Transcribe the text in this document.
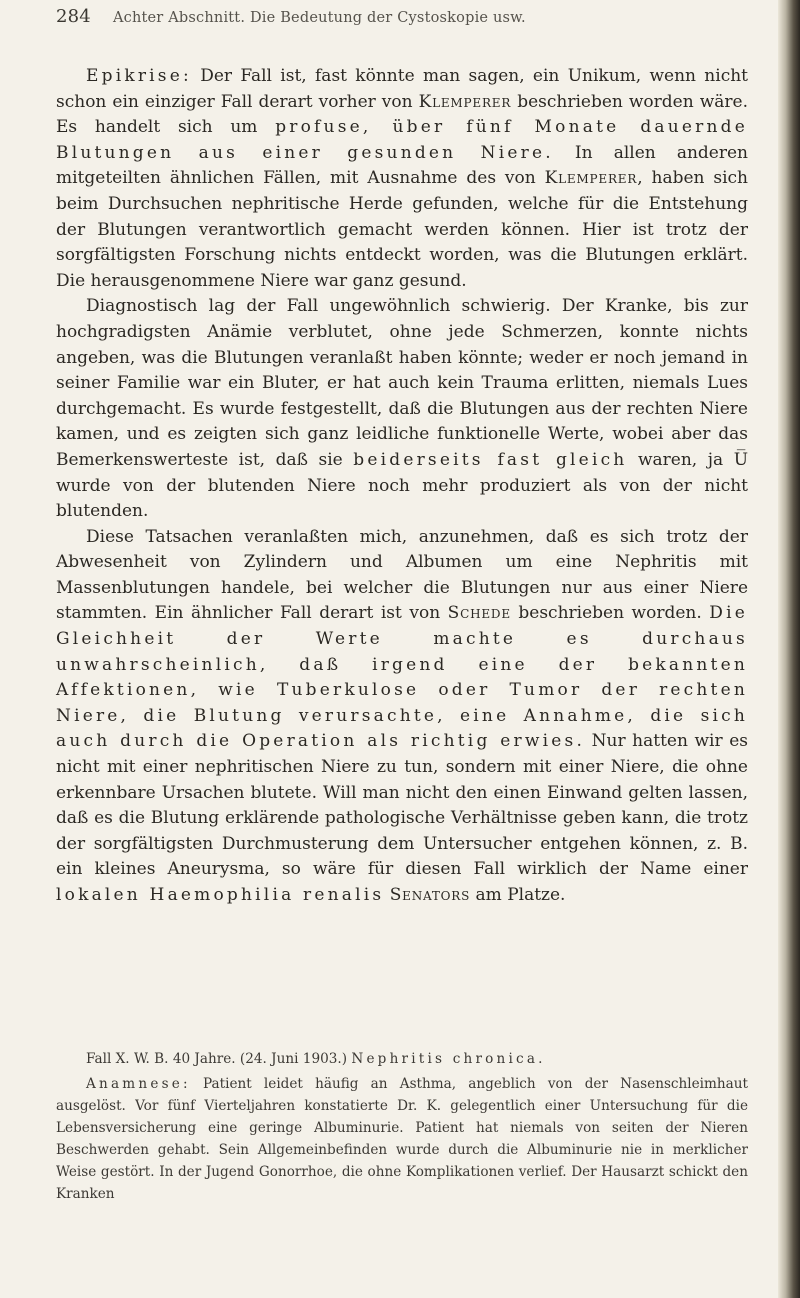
284 Achter Abschnitt. Die Bedeutung der Cystoskopie usw.

Epikrise: Der Fall ist, fast könnte man sagen, ein Unikum, wenn nicht schon ein einziger Fall derart vorher von Klemperer beschrieben worden wäre. Es handelt sich um profuse, über fünf Monate dauernde Blutungen aus einer gesunden Niere. In allen anderen mitgeteilten ähnlichen Fällen, mit Ausnahme des von Klemperer, haben sich beim Durchsuchen nephritische Herde gefunden, welche für die Entstehung der Blutungen verantwortlich gemacht werden können. Hier ist trotz der sorgfältigsten Forschung nichts entdeckt worden, was die Blutungen erklärt. Die herausgenommene Niere war ganz gesund.

Diagnostisch lag der Fall ungewöhnlich schwierig. Der Kranke, bis zur hochgradigsten Anämie verblutet, ohne jede Schmerzen, konnte nichts angeben, was die Blutungen veranlaßt haben könnte; weder er noch jemand in seiner Familie war ein Bluter, er hat auch kein Trauma erlitten, niemals Lues durchgemacht. Es wurde festgestellt, daß die Blutungen aus der rechten Niere kamen, und es zeigten sich ganz leidliche funktionelle Werte, wobei aber das Bemerkenswerteste ist, daß sie beiderseits fast gleich waren, ja U̅ wurde von der blutenden Niere noch mehr produziert als von der nicht blutenden.

Diese Tatsachen veranlaßten mich, anzunehmen, daß es sich trotz der Abwesenheit von Zylindern und Albumen um eine Nephritis mit Massenblutungen handele, bei welcher die Blutungen nur aus einer Niere stammten. Ein ähnlicher Fall derart ist von Schede beschrieben worden. Die Gleichheit der Werte machte es durchaus unwahrscheinlich, daß irgend eine der bekannten Affektionen, wie Tuberkulose oder Tumor der rechten Niere, die Blutung verursachte, eine Annahme, die sich auch durch die Operation als richtig erwies. Nur hatten wir es nicht mit einer nephritischen Niere zu tun, sondern mit einer Niere, die ohne erkennbare Ursachen blutete. Will man nicht den einen Einwand gelten lassen, daß es die Blutung erklärende pathologische Verhältnisse geben kann, die trotz der sorgfältigsten Durchmusterung dem Untersucher entgehen können, z. B. ein kleines Aneurysma, so wäre für diesen Fall wirklich der Name einer lokalen Haemophilia renalis Senators am Platze.

Fall X. W. B. 40 Jahre. (24. Juni 1903.) Nephritis chronica.

Anamnese: Patient leidet häufig an Asthma, angeblich von der Nasenschleimhaut ausgelöst. Vor fünf Vierteljahren konstatierte Dr. K. gelegentlich einer Untersuchung für die Lebensversicherung eine geringe Albuminurie. Patient hat niemals von seiten der Nieren Beschwerden gehabt. Sein Allgemeinbefinden wurde durch die Albuminurie nie in merklicher Weise gestört. In der Jugend Gonorrhoe, die ohne Komplikationen verlief. Der Hausarzt schickt den Kranken
